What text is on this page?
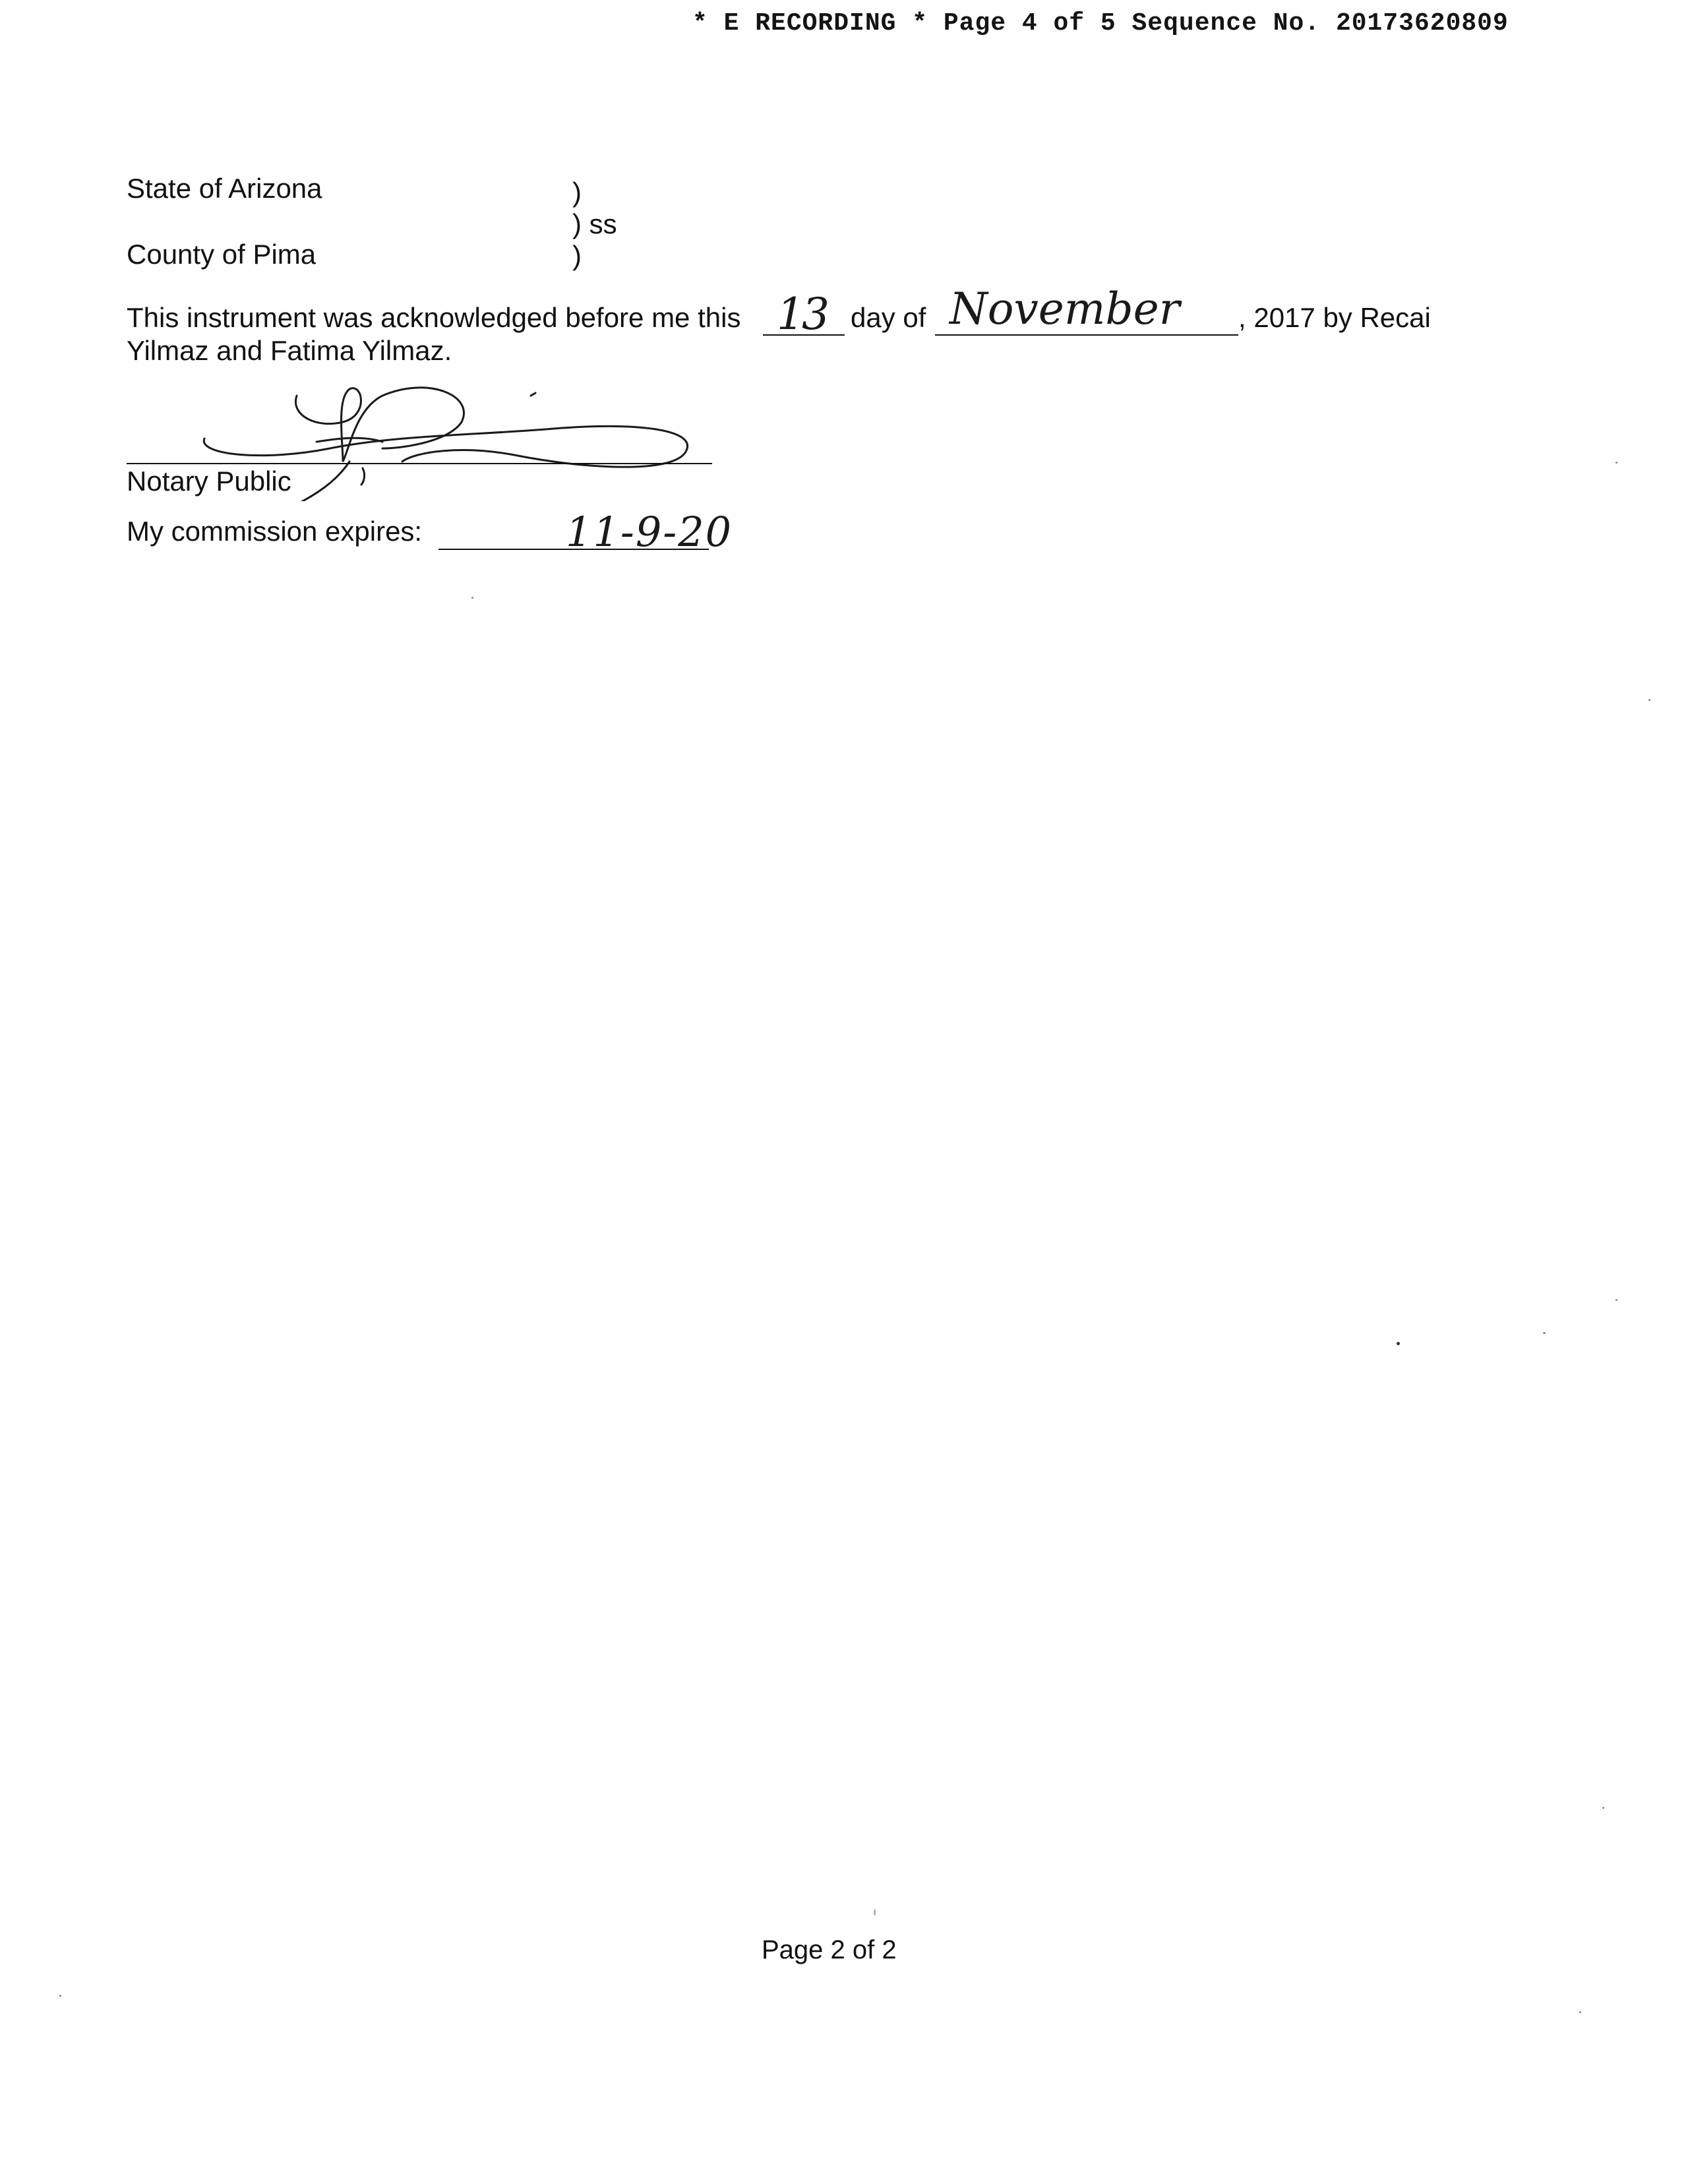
* E RECORDING * Page 4 of 5 Sequence No. 20173620809
State of Arizona
County of Pima
)
) ss
)
This instrument was acknowledged before me this 13 day of November , 2017 by Recai
Yilmaz and Fatima Yilmaz.
Notary Public
My commission expires:	11-9-20
Page 2 of 2
